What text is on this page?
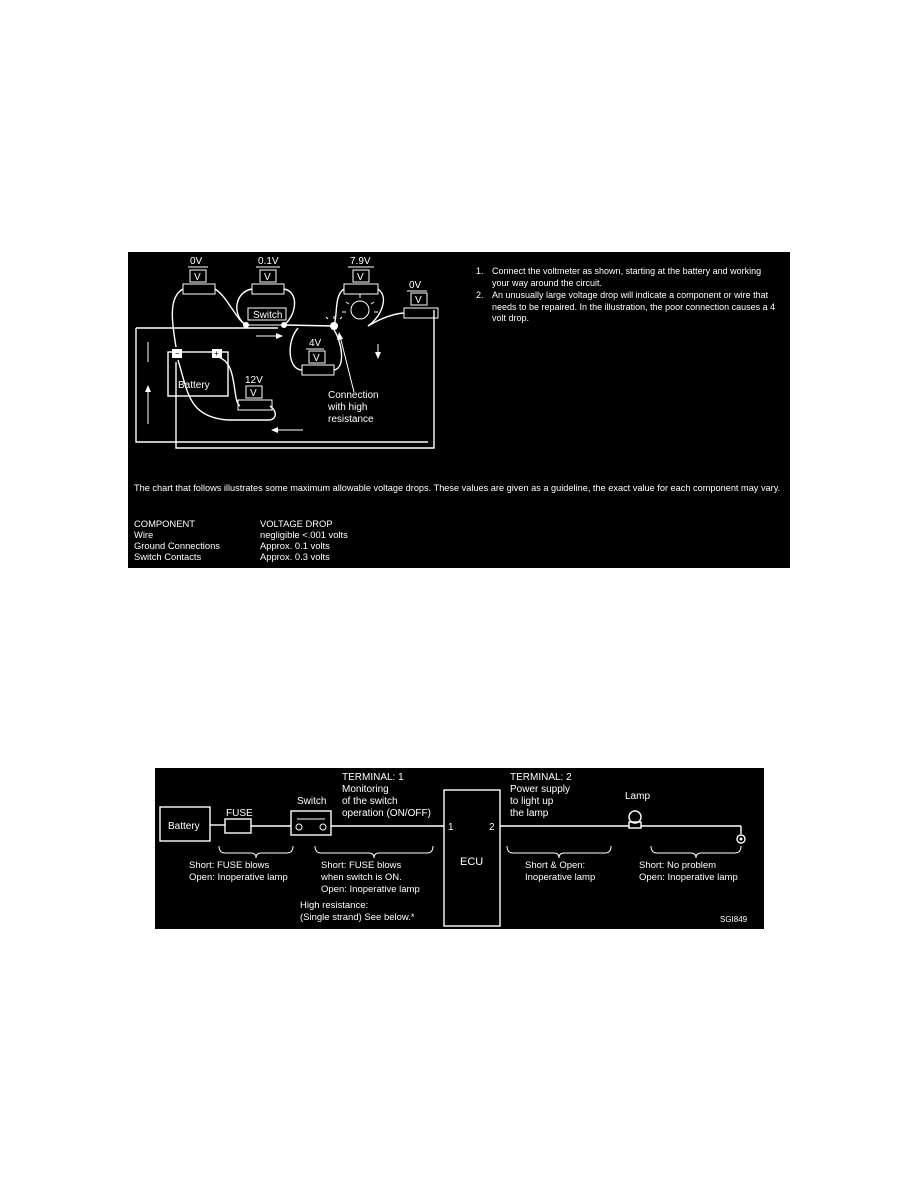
−	+
Battery	12V
V
Switch
0V
V
0.1V
V
7.9V
V
0V
V
4V
V
Connection
with high
resistance
1. Connect the voltmeter as shown, starting at the battery and working your way around the circuit.
2. An unusually large voltage drop will indicate a component or wire that needs to be repaired. In the illustration, the poor connection causes a 4 volt drop.
The chart that follows illustrates some maximum allowable voltage drops. These values are given as a guideline, the exact value for each component may vary.
COMPONENT	VOLTAGE DROP
Wire	negligible <.001 volts
Ground Connections	Approx. 0.1 volts
Switch Contacts	Approx. 0.3 volts
Battery
FUSE
Switch
ECU
1	2
Lamp
TERMINAL: 1 Monitoring of the switch operation (ON/OFF)
TERMINAL: 2 Power supply to light up the lamp
Short: FUSE blows Open: Inoperative lamp
Short: FUSE blows when switch is ON. Open: Inoperative lamp
Short & Open: Inoperative lamp
Short: No problem Open: Inoperative lamp
High resistance: (Single strand) See below.*	SGI849
